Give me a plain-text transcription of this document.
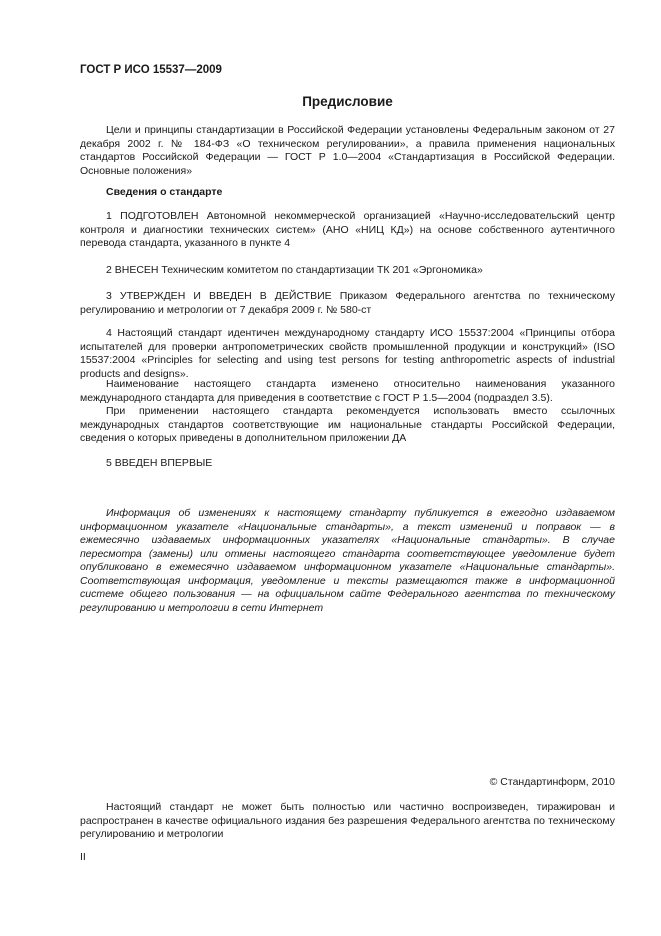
ГОСТ Р ИСО 15537—2009
Предисловие

Цели и принципы стандартизации в Российской Федерации установлены Федеральным законом от 27 декабря 2002 г. № 184-ФЗ «О техническом регулировании», а правила применения национальных стандартов Российской Федерации — ГОСТ Р 1.0—2004 «Стандартизация в Российской Федерации. Основные положения»

Сведения о стандарте

1 ПОДГОТОВЛЕН Автономной некоммерческой организацией «Научно-исследовательский центр контроля и диагностики технических систем» (АНО «НИЦ КД») на основе собственного аутентичного перевода стандарта, указанного в пункте 4

2 ВНЕСЕН Техническим комитетом по стандартизации ТК 201 «Эргономика»

3 УТВЕРЖДЕН И ВВЕДЕН В ДЕЙСТВИЕ Приказом Федерального агентства по техническому регулированию и метрологии от 7 декабря 2009 г. № 580-ст

4 Настоящий стандарт идентичен международному стандарту ИСО 15537:2004 «Принципы отбора испытателей для проверки антропометрических свойств промышленной продукции и конструкций» (ISO 15537:2004 «Principles for selecting and using test persons for testing anthropometric aspects of industrial products and designs».

Наименование настоящего стандарта изменено относительно наименования указанного международного стандарта для приведения в соответствие с ГОСТ Р 1.5—2004 (подраздел 3.5).

При применении настоящего стандарта рекомендуется использовать вместо ссылочных международных стандартов соответствующие им национальные стандарты Российской Федерации, сведения о которых приведены в дополнительном приложении ДА

5 ВВЕДЕН ВПЕРВЫЕ

Информация об изменениях к настоящему стандарту публикуется в ежегодно издаваемом информационном указателе «Национальные стандарты», а текст изменений и поправок — в ежемесячно издаваемых информационных указателях «Национальные стандарты». В случае пересмотра (замены) или отмены настоящего стандарта соответствующее уведомление будет опубликовано в ежемесячно издаваемом информационном указателе «Национальные стандарты». Соответствующая информация, уведомление и тексты размещаются также в информационной системе общего пользования — на официальном сайте Федерального агентства по техническому регулированию и метрологии в сети Интернет

© Стандартинформ, 2010

Настоящий стандарт не может быть полностью или частично воспроизведен, тиражирован и распространен в качестве официального издания без разрешения Федерального агентства по техническому регулированию и метрологии

II
